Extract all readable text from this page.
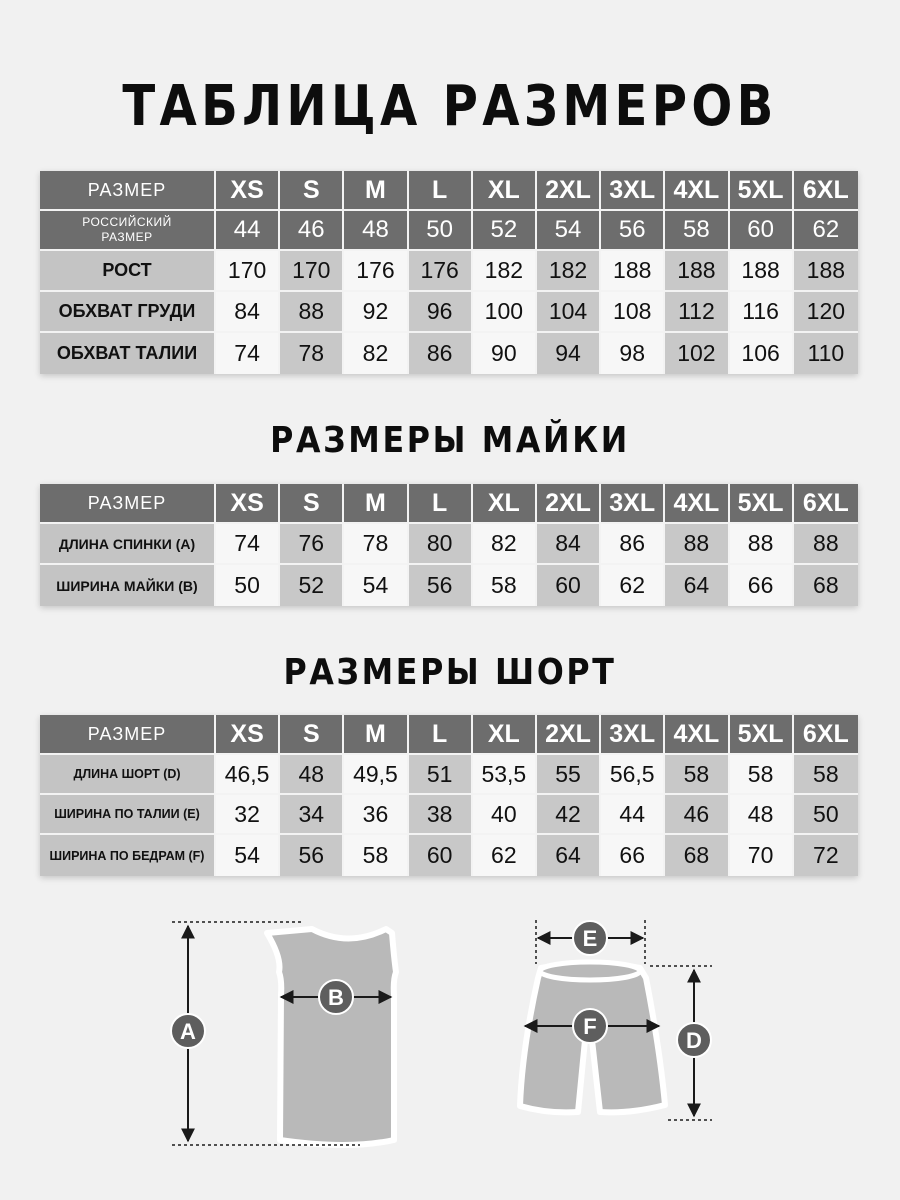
ТАБЛИЦА РАЗМЕРОВ
РАЗМЕР	XS	S	M	L	XL	2XL	3XL	4XL	5XL	6XL
РОССИЙСКИЙ РАЗМЕР	44	46	48	50	52	54	56	58	60	62
РОСТ	170	170	176	176	182	182	188	188	188	188
ОБХВАТ ГРУДИ	84	88	92	96	100	104	108	112	116	120
ОБХВАТ ТАЛИИ	74	78	82	86	90	94	98	102	106	110
РАЗМЕРЫ МАЙКИ
РАЗМЕР	XS	S	M	L	XL	2XL	3XL	4XL	5XL	6XL
ДЛИНА СПИНКИ (A)	74	76	78	80	82	84	86	88	88	88
ШИРИНА МАЙКИ (B)	50	52	54	56	58	60	62	64	66	68
РАЗМЕРЫ ШОРТ
РАЗМЕР	XS	S	M	L	XL	2XL	3XL	4XL	5XL	6XL
ДЛИНА ШОРТ (D)	46,5	48	49,5	51	53,5	55	56,5	58	58	58
ШИРИНА ПО ТАЛИИ (E)	32	34	36	38	40	42	44	46	48	50
ШИРИНА ПО БЕДРАМ (F)	54	56	58	60	62	64	66	68	70	72
A
B
E
F
D
